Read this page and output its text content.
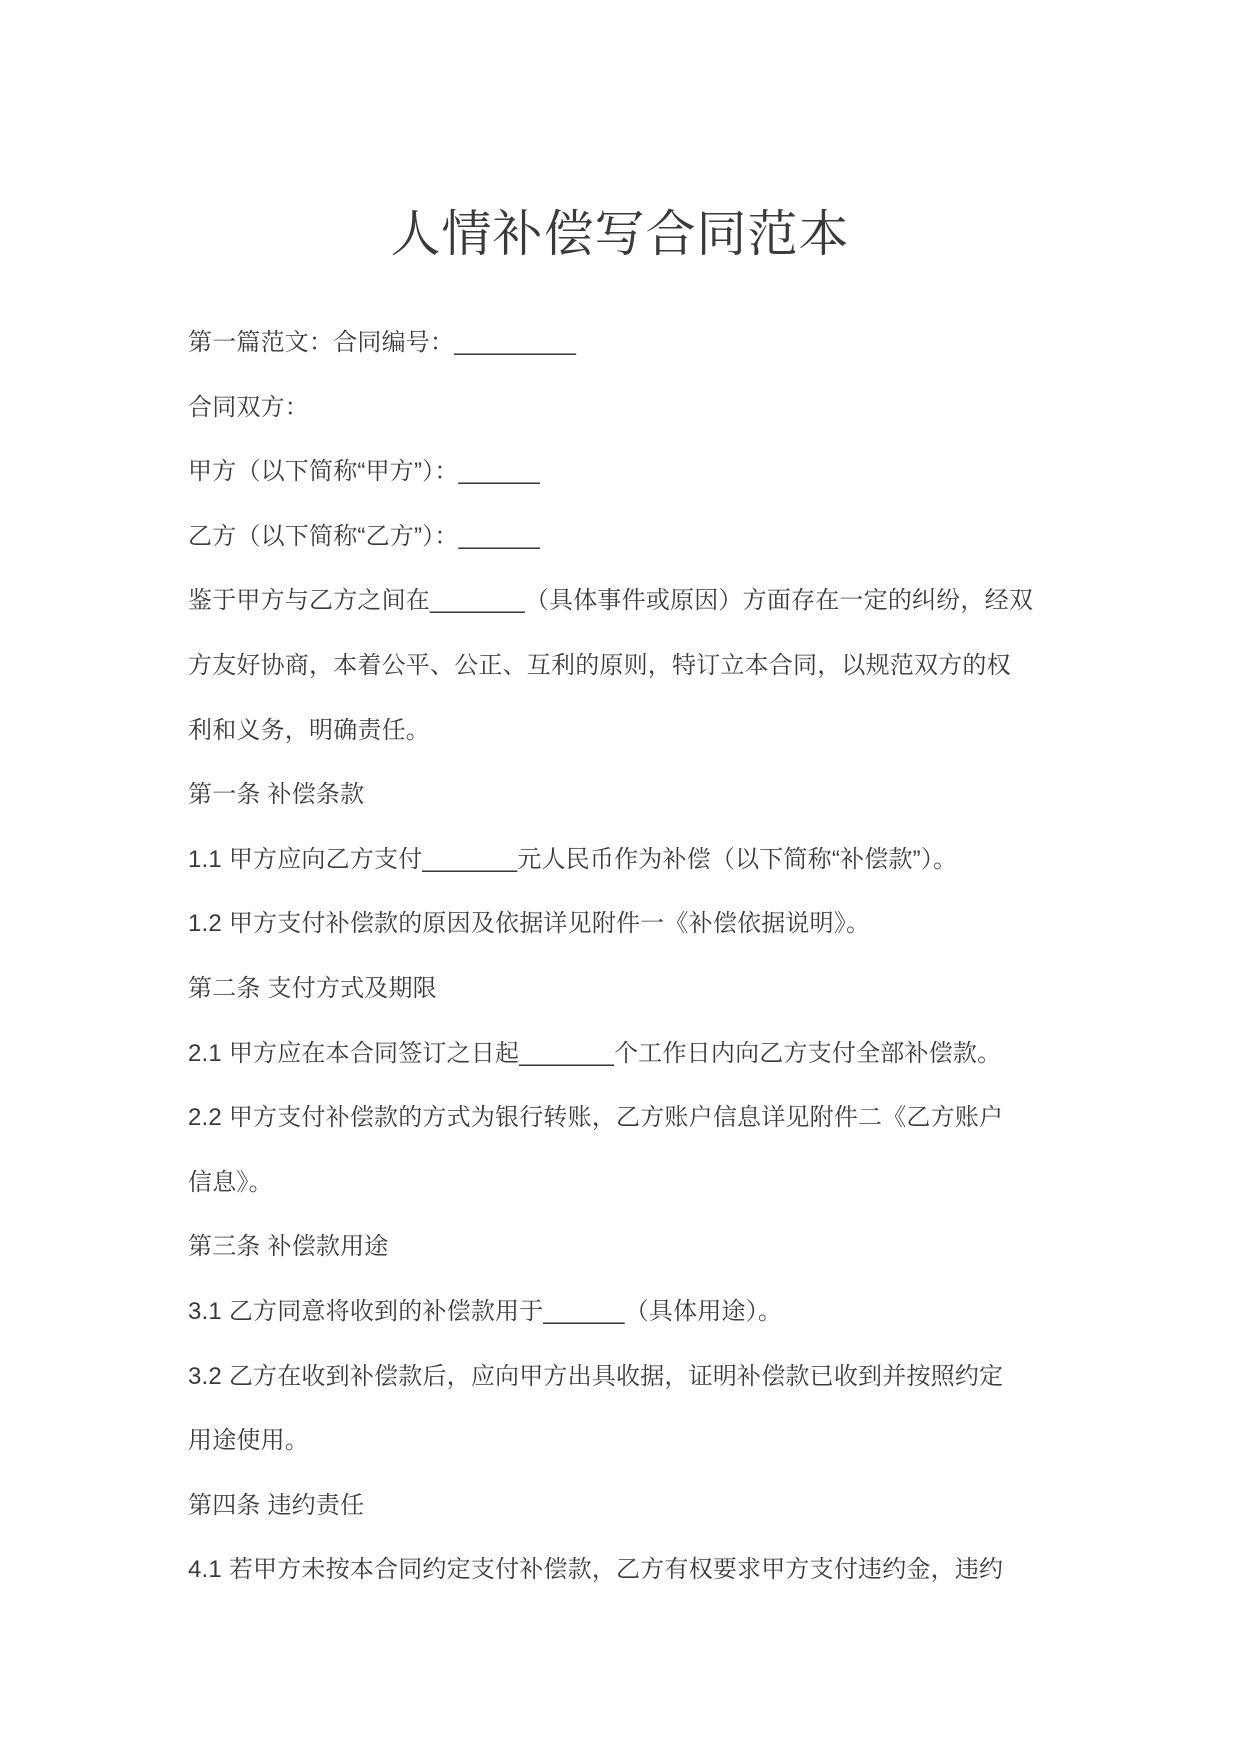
人情补偿写合同范本
第一篇范文：合同编号：_________
合同双方：
甲方（以下简称“甲方”）：______
乙方（以下简称“乙方”）：______
鉴于甲方与乙方之间在_______（具体事件或原因）方面存在一定的纠纷，经双
方友好协商，本着公平、公正、互利的原则，特订立本合同，以规范双方的权
利和义务，明确责任。
第一条 补偿条款
1.1 甲方应向乙方支付_______元人民币作为补偿（以下简称“补偿款”）。
1.2 甲方支付补偿款的原因及依据详见附件一《补偿依据说明》。
第二条 支付方式及期限
2.1 甲方应在本合同签订之日起_______个工作日内向乙方支付全部补偿款。
2.2 甲方支付补偿款的方式为银行转账，乙方账户信息详见附件二《乙方账户
信息》。
第三条 补偿款用途
3.1 乙方同意将收到的补偿款用于______（具体用途）。
3.2 乙方在收到补偿款后，应向甲方出具收据，证明补偿款已收到并按照约定
用途使用。
第四条 违约责任
4.1 若甲方未按本合同约定支付补偿款，乙方有权要求甲方支付违约金，违约
